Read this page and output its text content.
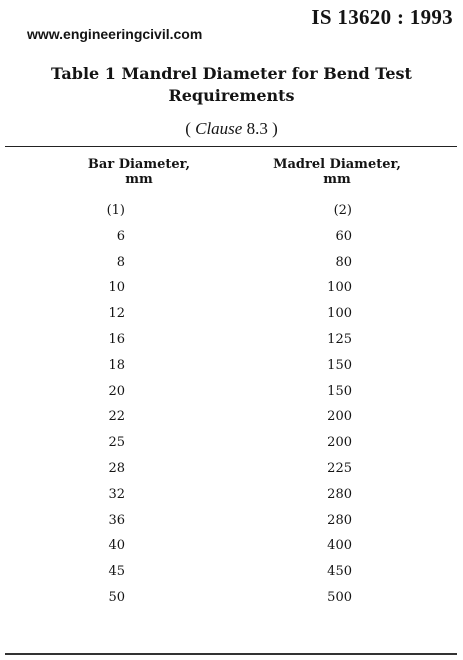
IS 13620 : 1993
www.engineeringcivil.com
Table 1 Mandrel Diameter for Bend Test
Requirements
( Clause 8.3 )
Bar Diameter,
mm
Madrel Diameter,
mm
(1)	(2)
6	60
8	80
10	100
12	100
16	125
18	150
20	150
22	200
25	200
28	225
32	280
36	280
40	400
45	450
50	500
